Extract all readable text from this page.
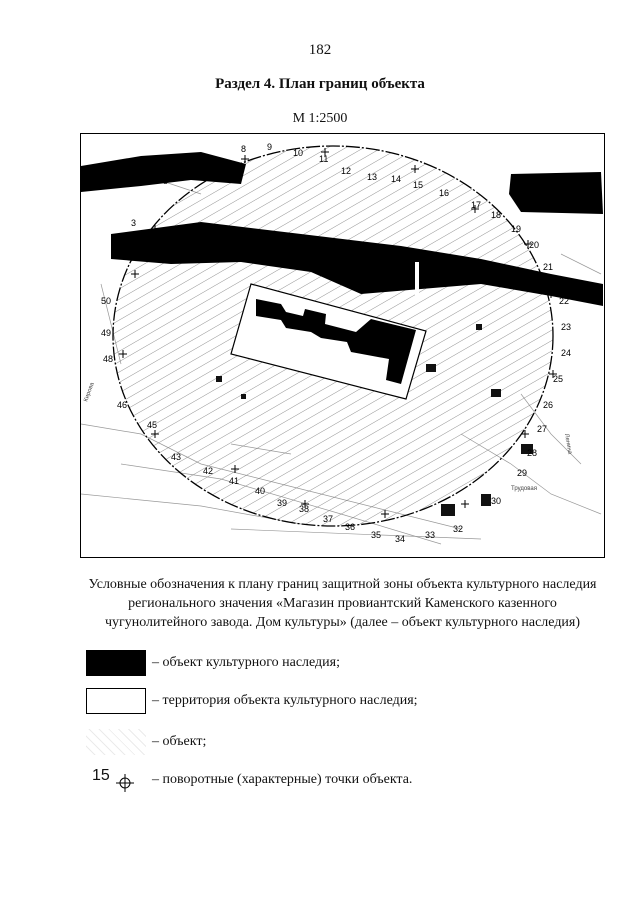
182
Раздел 4. План границ объекта
М 1:2500
2
3
5
6 7
8 9
10
11
12
13 14
15
16
17
18
19
20
21
22
23
24
25
26
27
28
29
30
32
33
34
35
36
37
38
39
40
41
42
43
45
46
48
49
50
Ленина
Кирова
Трудовая
Условные обозначения к плану границ защитной зоны объекта культурного наследия регионального значения «Магазин провиантский Каменского казенного чугунолитейного завода. Дом культуры» (далее – объект культурного наследия)
– объект культурного наследия;
– территория объекта культурного наследия;
– объект;
15	– поворотные (характерные) точки объекта.
